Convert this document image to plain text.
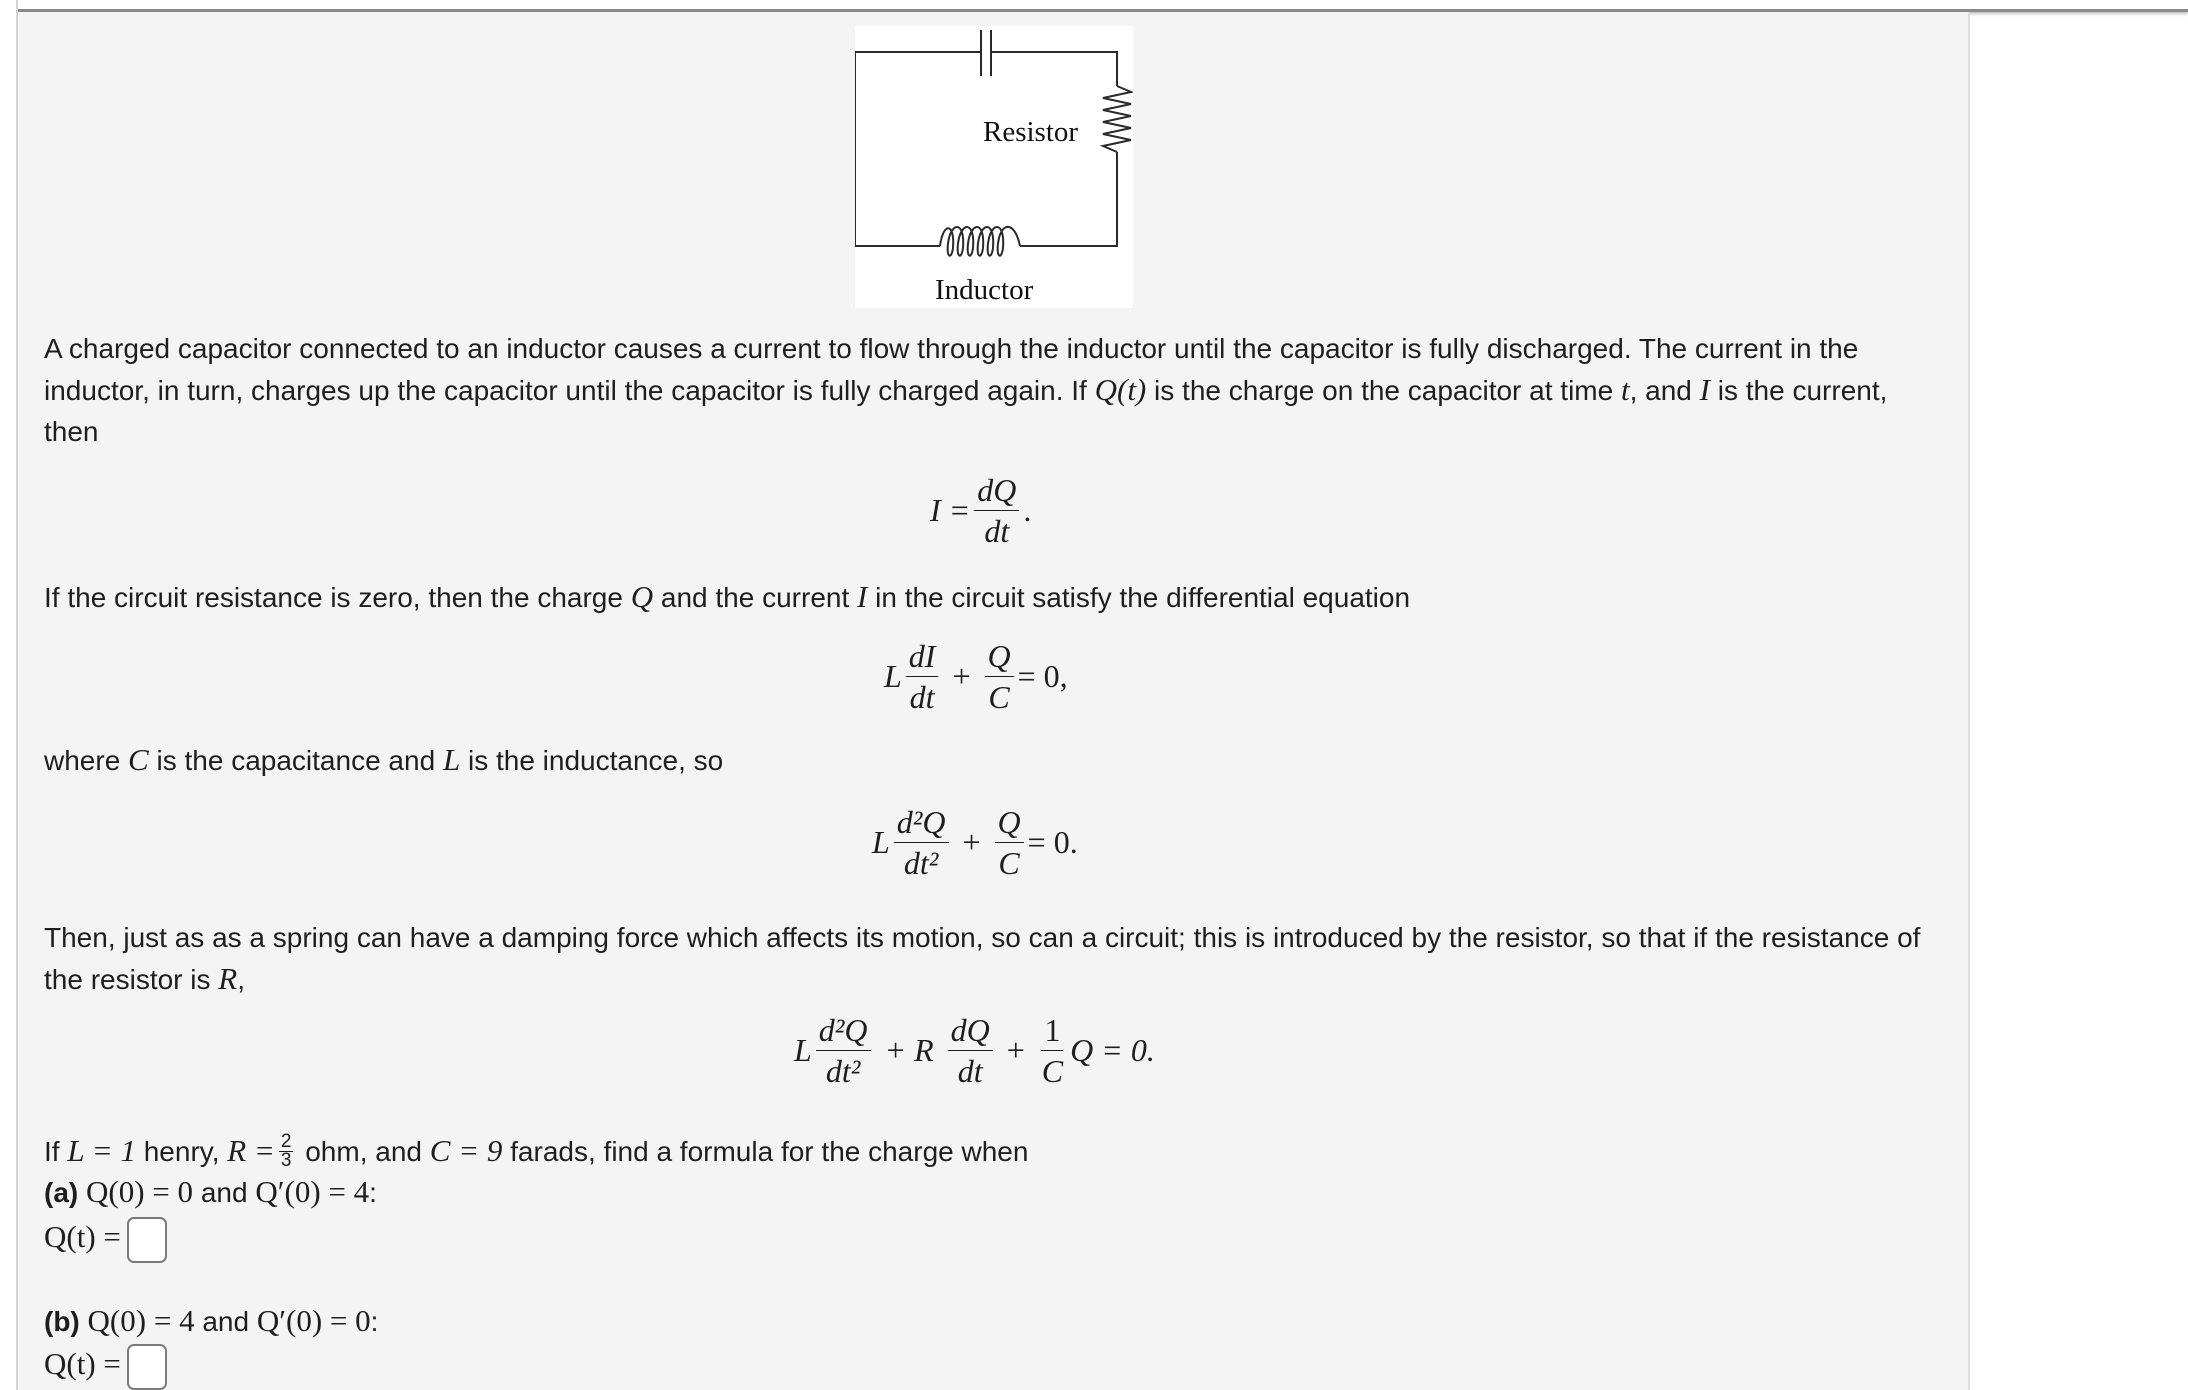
Resistor
Inductor
A charged capacitor connected to an inductor causes a current to flow through the inductor until the capacitor is fully discharged. The current in the inductor, in turn, charges up the capacitor until the capacitor is fully charged again. If Q(t) is the charge on the capacitor at time t, and I is the current, then
$I = \frac{dQ}{dt}$ .
If the circuit resistance is zero, then the charge Q and the current I in the circuit satisfy the differential equation
L $\frac{dI}{dt} + \frac{Q}{C} = 0$,
where C is the capacitance and L is the inductance, so
L $\frac{\text{d²Q}}{\text{dt²}} + \frac{Q}{C} = 0$.
Then, just as as a spring can have a damping force which affects its motion, so can a circuit; this is introduced by the resistor, so that if the resistance of the resistor is R,
L $\frac{\text{d²Q}}{\text{dt²}} + R \frac{dQ}{dt} + \frac{1}{C}$ Q = 0.
If L = 1 henry, $R = \frac{2}{3}$ ohm, and C = 9 farads, find a formula for the charge when
(a) Q(0) = 0 and Q′(0) = 4:
Q(t) =
(b) Q(0) = 4 and Q′(0) = 0:
Q(t) =
